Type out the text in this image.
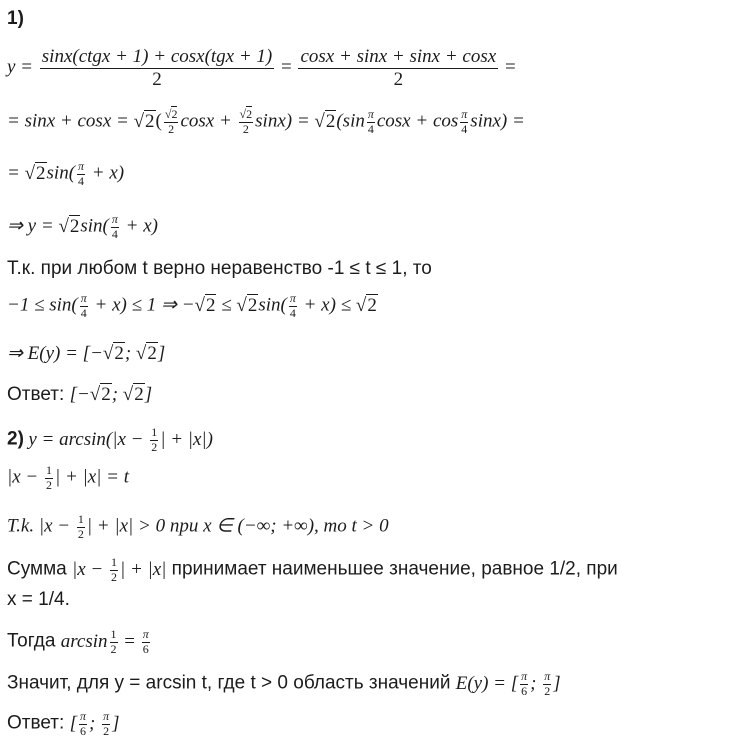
1)
$y = \frac{\text{sinx(ctgx + 1) + cosx(tgx + 1)}}{2} = \frac{\cos x + \sin x + \sin x + \cos x}{2}$ =
= $\sin x + \cos x = √2( \frac{√2}{2}$ $\cos x + \frac{√2}{2} \sin x) = √2(\sin \frac{\pi}{4}$ $\cos x + \cos \frac{\pi}{4} \sin x$) =
= $√2\sin( \frac{\pi}{4} + x)$
⇒ $y = √2\sin( \frac{\pi}{4} + x)$
Т.к. при любом t верно неравенство -1 ≤ t ≤ 1, то
$-1 \le \sin( \frac{\pi}{4} + x) \le 1$ ⇒ $-√2 \le √2\sin( \frac{\pi}{4} + x) \le √2$
⇒ E(y) = [−√2; √2]
Ответ: [−√2; √2]
2) $y = \arcsin(|x - \frac{1}{2}$ | + |x|)
$|x - \frac{1}{2}$ | + |x| = t
T.k. $|x - \frac{1}{2}$ | + |x| > 0 npu x ∈ (−∞; +∞), mo t > 0
Сумма $|x - \frac{1}{2}$ | + |x| принимает наименьшее значение, равное 1/2, при
x = 1/4.
Тогда $\arcsin \frac{1}{2} = \frac{\pi}{6}$
Значит, для y = arcsin t, где t > 0 область значений E(y) = [ $\frac{\pi}{6}$ ; $\frac{\pi}{2}$ ]
Ответ: [ $\frac{\pi}{6}$ ; $\frac{\pi}{2}$ ]
